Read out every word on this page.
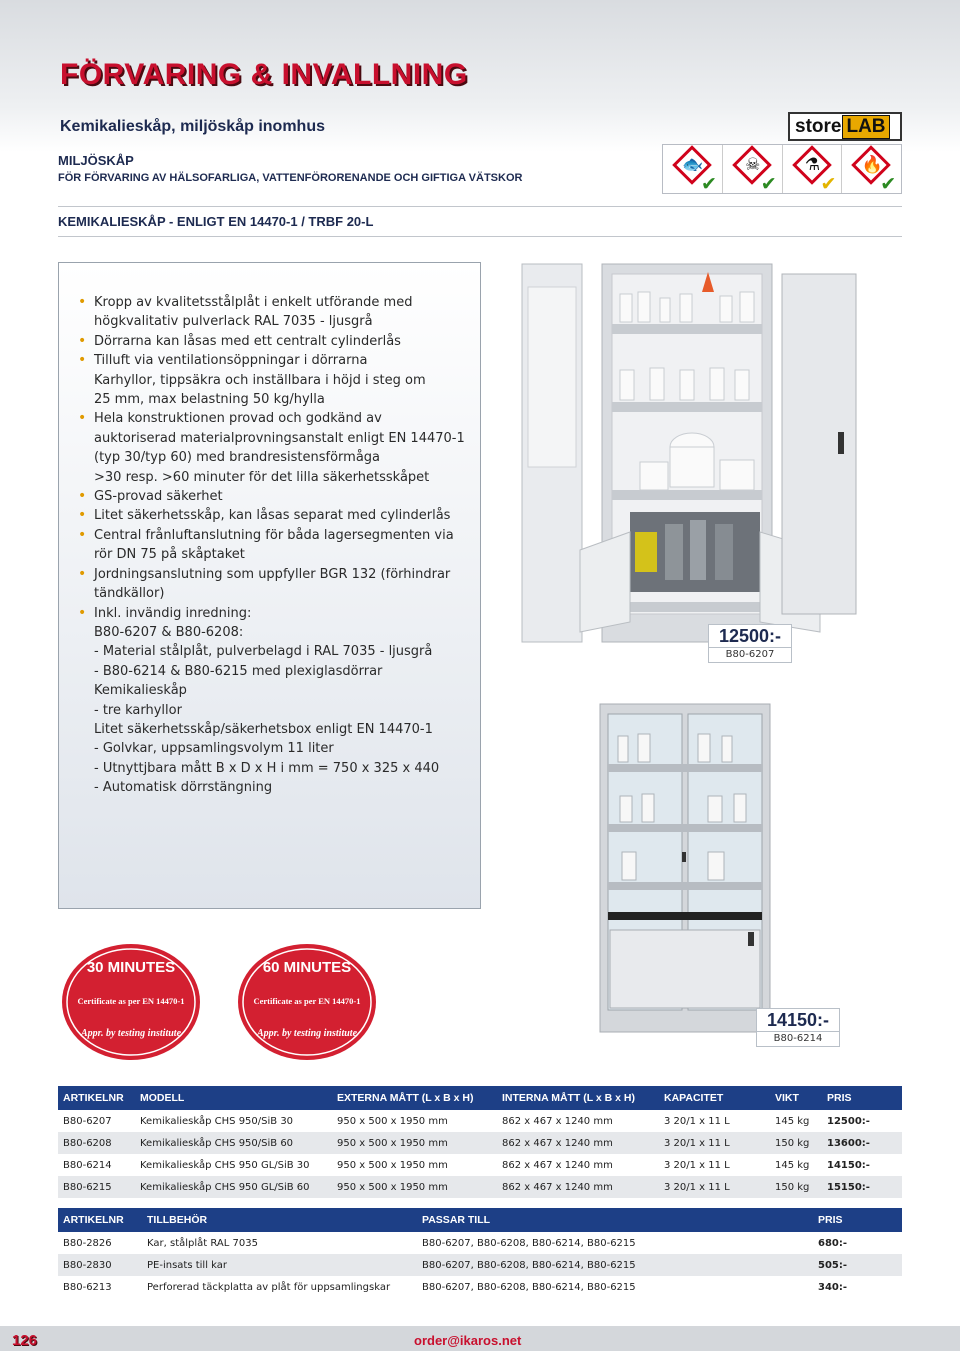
FÖRVARING & INVALLNING
Kemikalieskåp, miljöskåp inomhus	store LAB
MILJÖSKÅP
FÖR FÖRVARING AV HÄLSOFARLIGA, VATTENFÖRORENANDE OCH GIFTIGA VÄTSKOR
🐟
✔
☠
✔
⚗
✔
🔥
✔
KEMIKALIESKÅP - ENLIGT EN 14470-1 / TRBF 20-L
• Kropp av kvalitetsstålplåt i enkelt utförande med
högkvalitativ pulverlack RAL 7035 - ljusgrå
• Dörrarna kan låsas med ett centralt cylinderlås
• Tilluft via ventilationsöppningar i dörrarna
Karhyllor, tippsäkra och inställbara i höjd i steg om
25 mm, max belastning 50 kg/hylla
• Hela konstruktionen provad och godkänd av
auktoriserad materialprovningsanstalt enligt EN 14470-1
(typ 30/typ 60) med brandresistensförmåga
>30 resp. >60 minuter för det lilla säkerhetsskåpet
• GS-provad säkerhet
• Litet säkerhetsskåp, kan låsas separat med cylinderlås
• Central frånluftanslutning för båda lagersegmenten via
rör DN 75 på skåptaket
• Jordningsanslutning som uppfyller BGR 132 (förhindrar
tändkällor)
• Inkl. invändig inredning:
B80-6207 & B80-6208:
- Material stålplåt, pulverbelagd i RAL 7035 - ljusgrå
- B80-6214 & B80-6215 med plexiglasdörrar
Kemikalieskåp
- tre karhyllor
Litet säkerhetsskåp/säkerhetsbox enligt EN 14470-1
- Golvkar, uppsamlingsvolym 11 liter
- Utnyttjbara mått B x D x H i mm = 750 x 325 x 440
- Automatisk dörrstängning
12500:-
B80-6207
14150:-
B80-6214
30 MINUTES
Certificate as per EN 14470-1
Appr. by testing institute
60 MINUTES
Certificate as per EN 14470-1
Appr. by testing institute
ARTIKELNR	MODELL	EXTERNA MÅTT (L x B x H)	INTERNA MÅTT (L x B x H)	KAPACITET	VIKT	PRIS
B80-6207	Kemikalieskåp CHS 950/SiB 30	950 x 500 x 1950 mm	862 x 467 x 1240 mm	3 20/1 x 11 L	145 kg	12500:-
B80-6208	Kemikalieskåp CHS 950/SiB 60	950 x 500 x 1950 mm	862 x 467 x 1240 mm	3 20/1 x 11 L	150 kg	13600:-
B80-6214	Kemikalieskåp CHS 950 GL/SiB 30	950 x 500 x 1950 mm	862 x 467 x 1240 mm	3 20/1 x 11 L	145 kg	14150:-
B80-6215	Kemikalieskåp CHS 950 GL/SiB 60	950 x 500 x 1950 mm	862 x 467 x 1240 mm	3 20/1 x 11 L	150 kg	15150:-
ARTIKELNR	TILLBEHÖR	PASSAR TILL	PRIS
B80-2826	Kar, stålplåt RAL 7035	B80-6207, B80-6208, B80-6214, B80-6215	680:-
B80-2830	PE-insats till kar	B80-6207, B80-6208, B80-6214, B80-6215	505:-
B80-6213	Perforerad täckplatta av plåt för uppsamlingskar	B80-6207, B80-6208, B80-6214, B80-6215	340:-
126	order@ikaros.net
